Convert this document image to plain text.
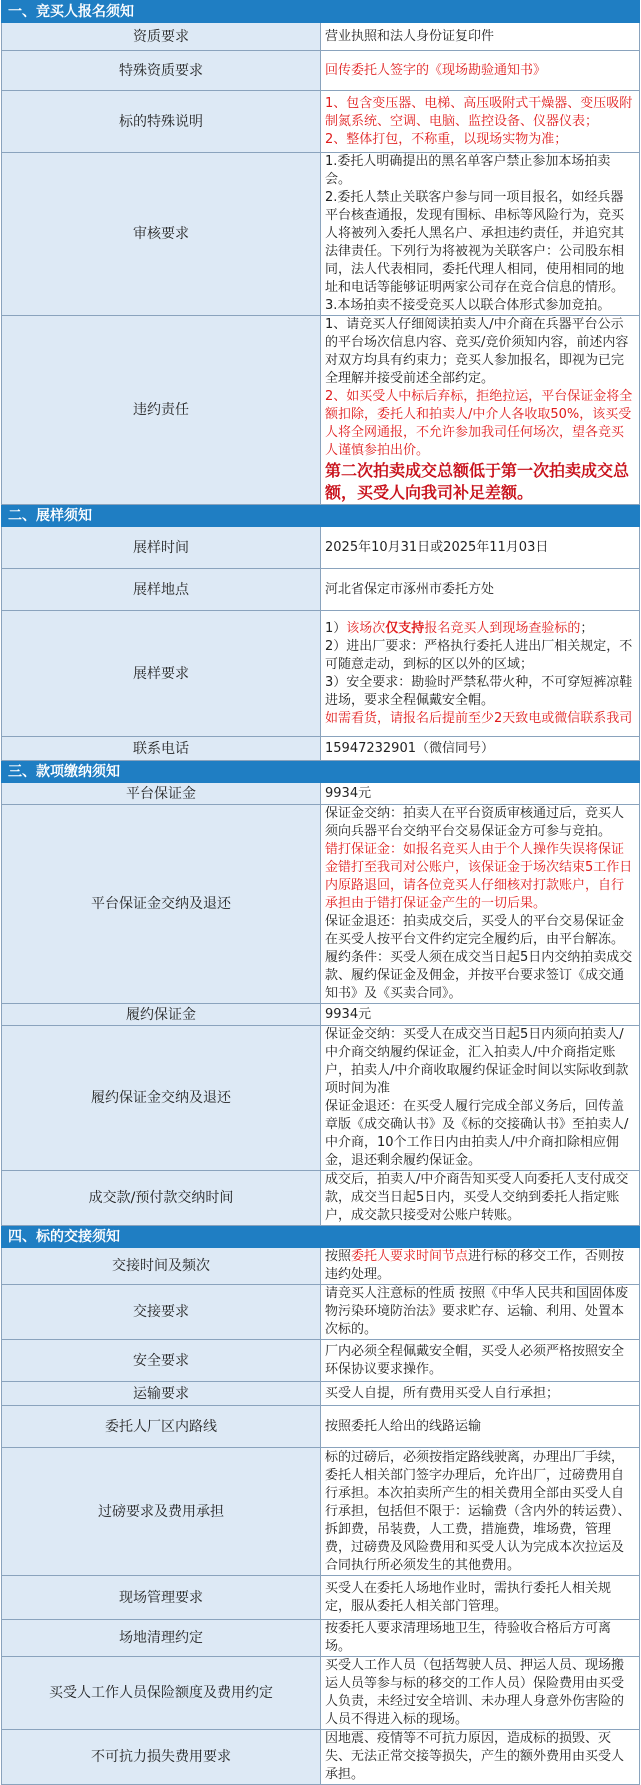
一、竞买人报名须知	
资质要求	营业执照和法人身份证复印件
特殊资质要求	回传委托人签字的《现场勘验通知书》
标的特殊说明	1、包含变压器、电梯、高压吸附式干燥器、变压吸附制氮系统、空调、电脑、监控设备、仪器仪表；

2、整体打包，不称重，以现场实物为准；

审核要求	1.委托人明确提出的黑名单客户禁止参加本场拍卖会。

2.委托人禁止关联客户参与同一项目报名，如经兵器平台核查通报，发现有围标、串标等风险行为，竞买人将被列入委托人黑名户、承担违约责任，并追究其法律责任。下列行为将被视为关联客户：公司股东相同，法人代表相同，委托代理人相同，使用相同的地址和电话等能够证明两家公司存在竞合信息的情形。

3.本场拍卖不接受竞买人以联合体形式参加竞拍。

违约责任	1、请竞买人仔细阅读拍卖人/中介商在兵器平台公示的平台场次信息内容、竞买/竞价须知内容，前述内容对双方均具有约束力；竞买人参加报名，即视为已完全理解并接受前述全部约定。

2、如买受人中标后弃标，拒绝拉运，平台保证金将全额扣除，委托人和拍卖人/中介人各收取50%，该买受人将全网通报，不允许参加我司任何场次，望各竞买人谨慎参拍出价。

第二次拍卖成交总额低于第一次拍卖成交总额，买受人向我司补足差额。

二、展样须知	
展样时间	2025年10月31日或2025年11月03日
展样地点	河北省保定市涿州市委托方处
展样要求	1）该场次仅支持报名竞买人到现场查验标的；

2）进出厂要求：严格执行委托人进出厂相关规定，不可随意走动，到标的区以外的区域；

3）安全要求：勘验时严禁私带火种，不可穿短裤凉鞋进场，要求全程佩戴安全帽。

如需看货，请报名后提前至少2天致电或微信联系我司

联系电话	15947232901（微信同号）
三、款项缴纳须知	
平台保证金	9934元
平台保证金交纳及退还	保证金交纳：拍卖人在平台资质审核通过后，竞买人须向兵器平台交纳平台交易保证金方可参与竞拍。

错打保证金：如报名竞买人由于个人操作失误将保证金错打至我司对公账户，该保证金于场次结束5工作日内原路退回，请各位竞买人仔细核对打款账户，自行承担由于错打保证金产生的一切后果。

保证金退还：拍卖成交后，买受人的平台交易保证金在买受人按平台文件约定完全履约后，由平台解冻。

履约条件：买受人须在成交当日起5日内交纳拍卖成交款、履约保证金及佣金，并按平台要求签订《成交通知书》及《买卖合同》。

履约保证金	9934元
履约保证金交纳及退还	保证金交纳：买受人在成交当日起5日内须向拍卖人/中介商交纳履约保证金，汇入拍卖人/中介商指定账户，拍卖人/中介商收取履约保证金时间以实际收到款项时间为准

保证金退还：在买受人履行完成全部义务后，回传盖章版《成交确认书》及《标的交接确认书》至拍卖人/中介商，10个工作日内由拍卖人/中介商扣除相应佣金，退还剩余履约保证金。

成交款/预付款交纳时间	成交后，拍卖人/中介商告知买受人向委托人支付成交款，成交当日起5日内，买受人交纳到委托人指定账户，成交款只接受对公账户转账。
四、标的交接须知	
交接时间及频次	按照委托人要求时间节点进行标的移交工作，否则按违约处理。
交接要求	请竞买人注意标的性质 按照《中华人民共和国固体废物污染环境防治法》要求贮存、运输、利用、处置本次标的。
安全要求	厂内必须全程佩戴安全帽，买受人必须严格按照安全环保协议要求操作。
运输要求	买受人自提，所有费用买受人自行承担；
委托人厂区内路线	按照委托人给出的线路运输
过磅要求及费用承担	标的过磅后，必须按指定路线驶离，办理出厂手续，委托人相关部门签字办理后，允许出厂，过磅费用自行承担。本次拍卖所产生的相关费用全部由买受人自行承担，包括但不限于：运输费（含内外的转运费）、拆卸费，吊装费，人工费，措施费，堆场费，管理费，过磅费及风险费用和买受人认为完成本次拉运及合同执行所必须发生的其他费用。
现场管理要求	买受人在委托人场地作业时，需执行委托人相关规定，服从委托人相关部门管理。
场地清理约定	按委托人要求清理场地卫生，待验收合格后方可离场。
买受人工作人员保险额度及费用约定	买受人工作人员（包括驾驶人员、押运人员、现场搬运人员等参与标的移交的工作人员）保险费用由买受人负责，未经过安全培训、未办理人身意外伤害险的人员不得进入标的现场。
不可抗力损失费用要求	因地震、疫情等不可抗力原因，造成标的损毁、灭失、无法正常交接等损失，产生的额外费用由买受人承担。
